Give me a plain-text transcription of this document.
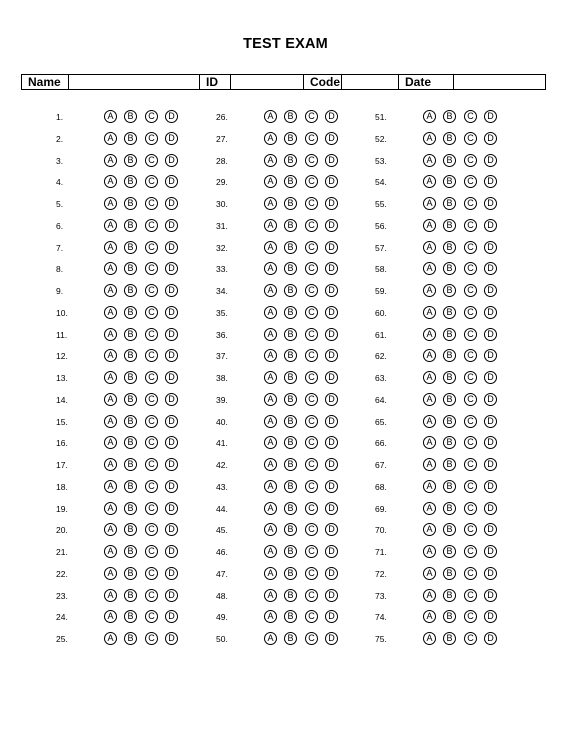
TEST EXAM
Name	ID	Code	Date
1.	A	B	C	D
2.	A	B	C	D
3.	A	B	C	D
4.	A	B	C	D
5.	A	B	C	D
6.	A	B	C	D
7.	A	B	C	D
8.	A	B	C	D
9.	A	B	C	D
10.	A	B	C	D
11.	A	B	C	D
12.	A	B	C	D
13.	A	B	C	D
14.	A	B	C	D
15.	A	B	C	D
16.	A	B	C	D
17.	A	B	C	D
18.	A	B	C	D
19.	A	B	C	D
20.	A	B	C	D
21.	A	B	C	D
22.	A	B	C	D
23.	A	B	C	D
24.	A	B	C	D
25.	A	B	C	D
26.	A	B	C	D
27.	A	B	C	D
28.	A	B	C	D
29.	A	B	C	D
30.	A	B	C	D
31.	A	B	C	D
32.	A	B	C	D
33.	A	B	C	D
34.	A	B	C	D
35.	A	B	C	D
36.	A	B	C	D
37.	A	B	C	D
38.	A	B	C	D
39.	A	B	C	D
40.	A	B	C	D
41.	A	B	C	D
42.	A	B	C	D
43.	A	B	C	D
44.	A	B	C	D
45.	A	B	C	D
46.	A	B	C	D
47.	A	B	C	D
48.	A	B	C	D
49.	A	B	C	D
50.	A	B	C	D
51.	A	B	C	D
52.	A	B	C	D
53.	A	B	C	D
54.	A	B	C	D
55.	A	B	C	D
56.	A	B	C	D
57.	A	B	C	D
58.	A	B	C	D
59.	A	B	C	D
60.	A	B	C	D
61.	A	B	C	D
62.	A	B	C	D
63.	A	B	C	D
64.	A	B	C	D
65.	A	B	C	D
66.	A	B	C	D
67.	A	B	C	D
68.	A	B	C	D
69.	A	B	C	D
70.	A	B	C	D
71.	A	B	C	D
72.	A	B	C	D
73.	A	B	C	D
74.	A	B	C	D
75.	A	B	C	D
